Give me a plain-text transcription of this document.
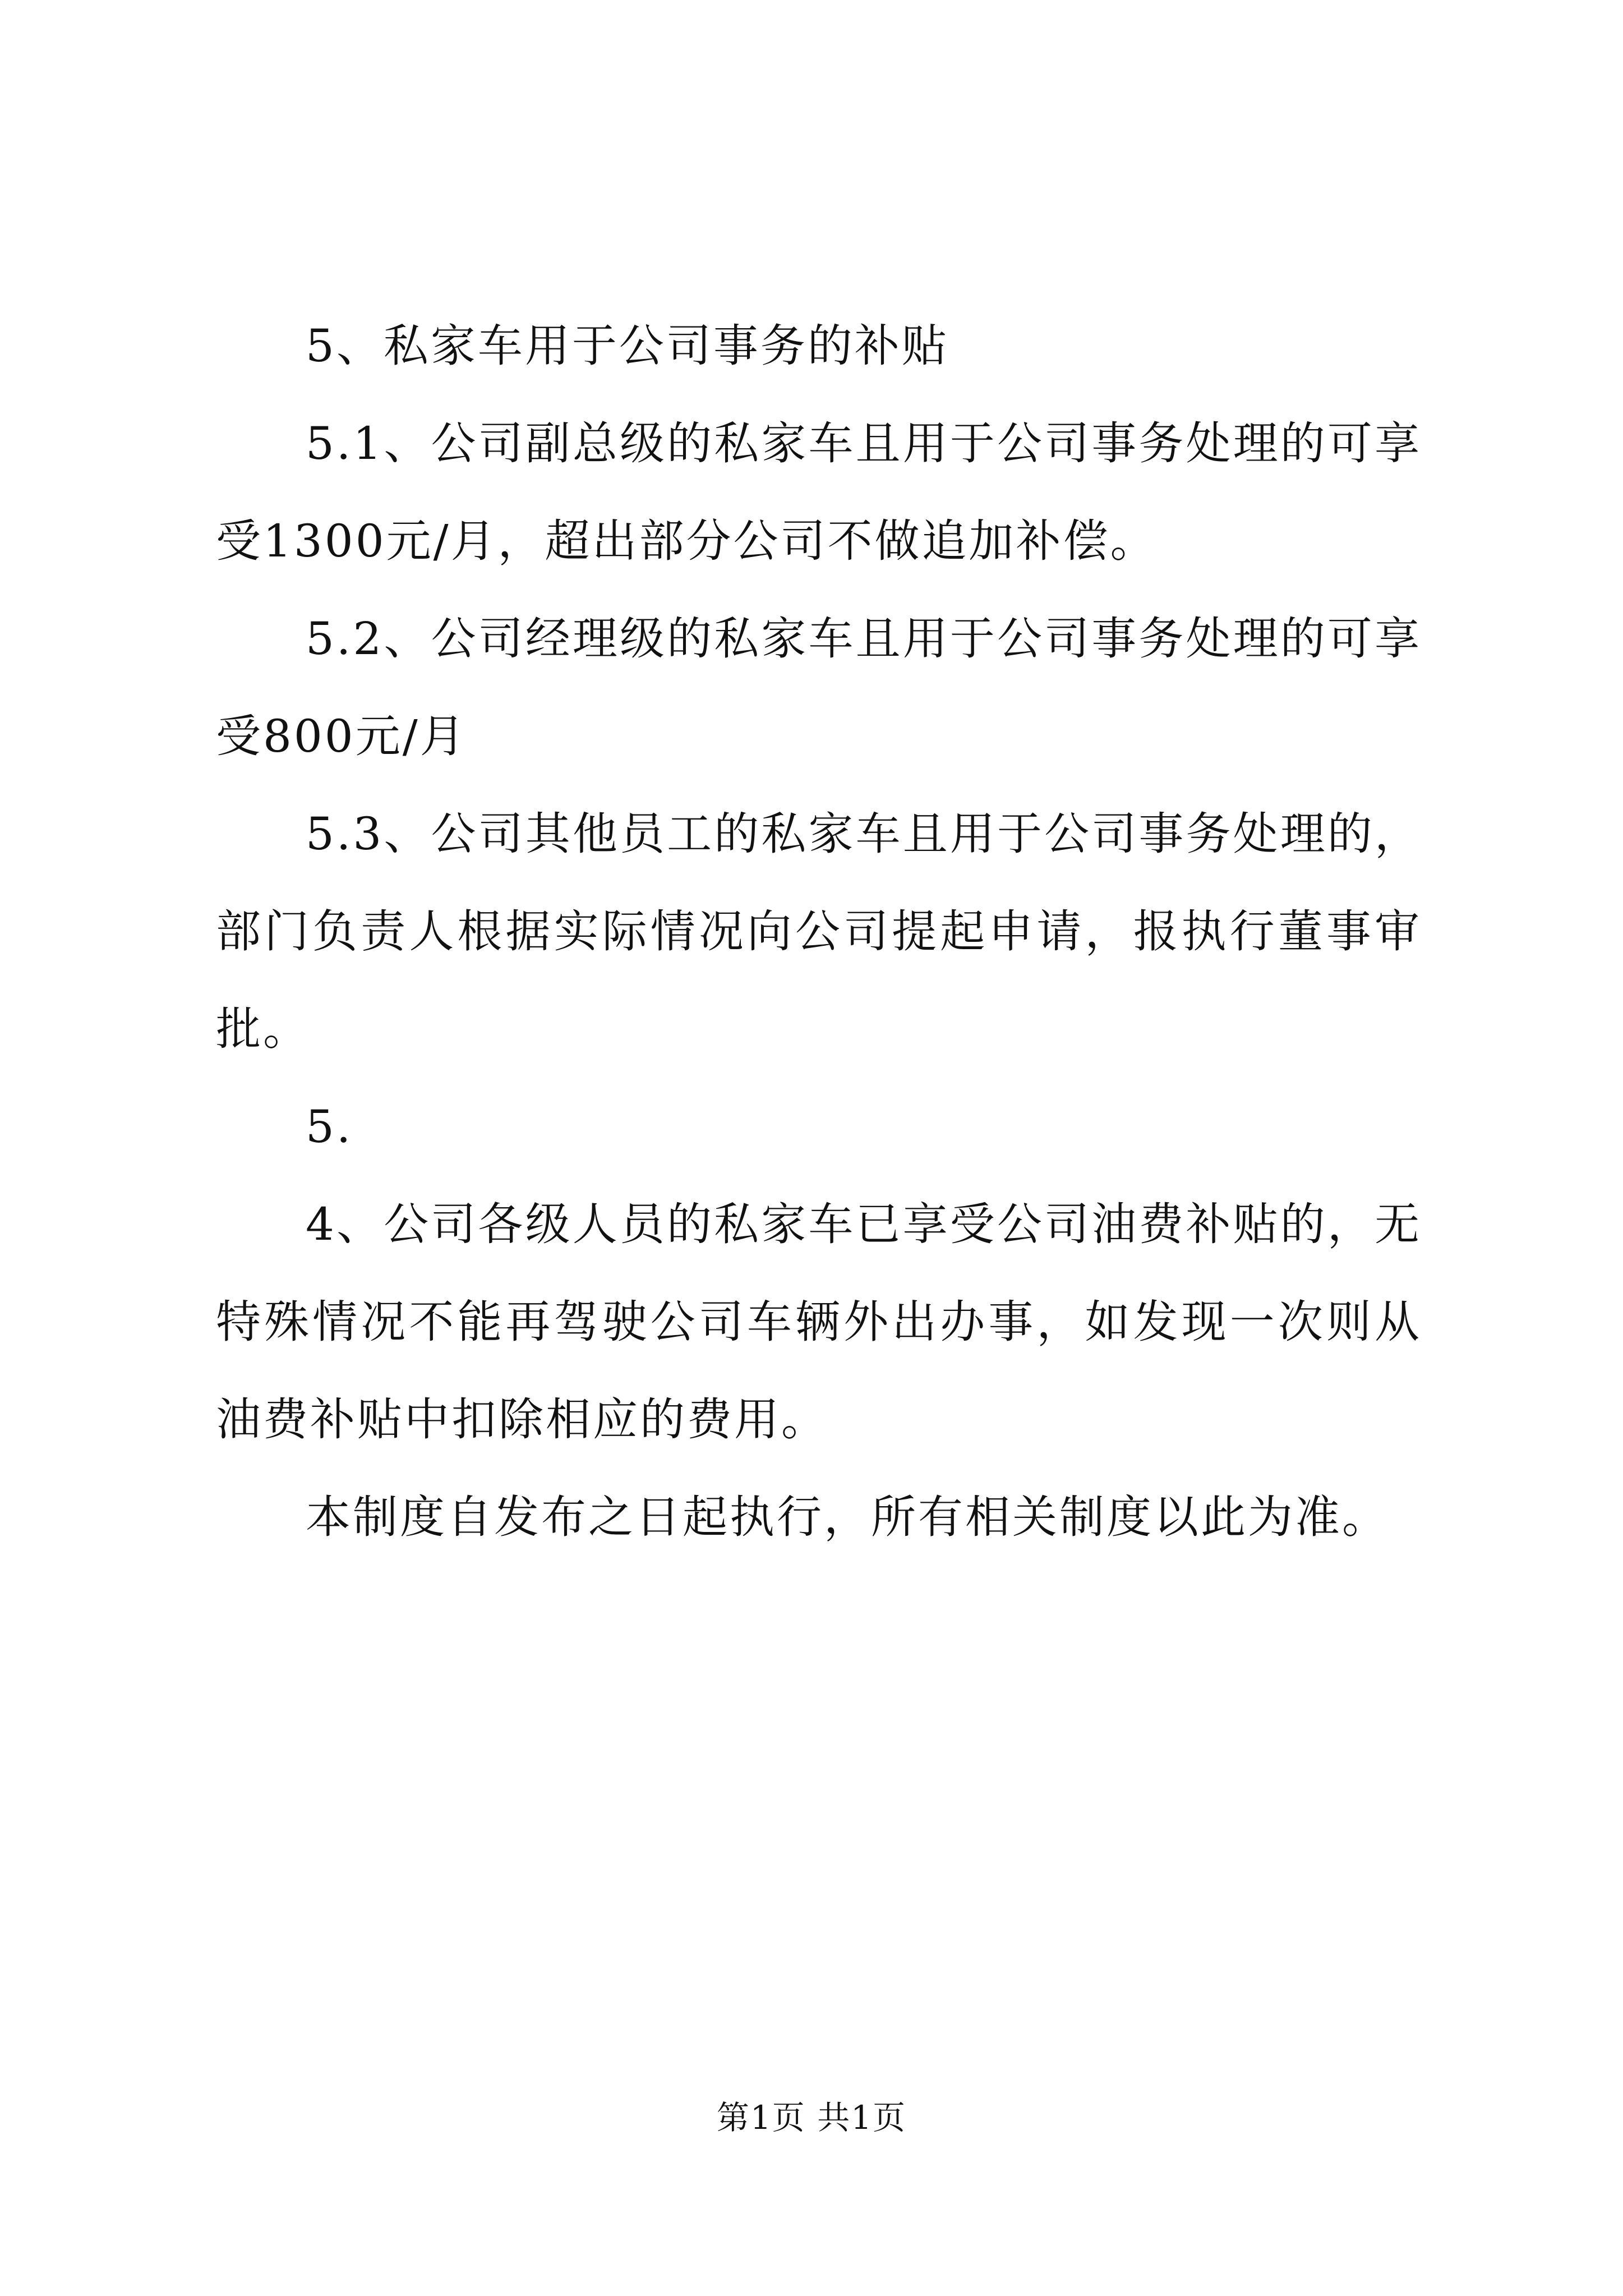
5、私家车用于公司事务的补贴

5.1、公司副总级的私家车且用于公司事务处理的可享受1300元/月，超出部分公司不做追加补偿。

5.2、公司经理级的私家车且用于公司事务处理的可享受800元/月

5.3、公司其他员工的私家车且用于公司事务处理的，部门负责人根据实际情况向公司提起申请，报执行董事审批。

5.

4、公司各级人员的私家车已享受公司油费补贴的，无特殊情况不能再驾驶公司车辆外出办事，如发现一次则从油费补贴中扣除相应的费用。

本制度自发布之日起执行，所有相关制度以此为准。

第1页 共1页
